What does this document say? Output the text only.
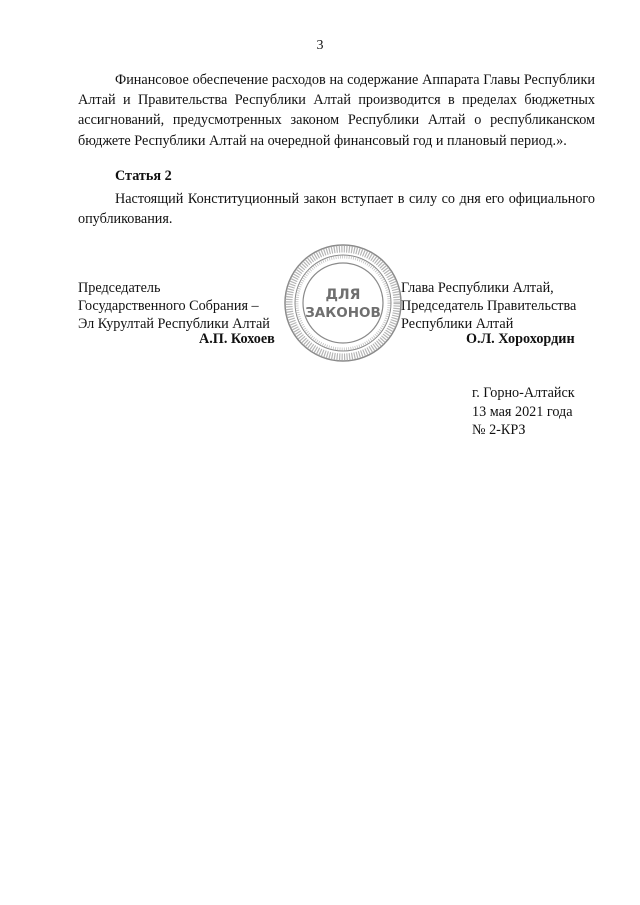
3
Финансовое обеспечение расходов на содержание Аппарата Главы Республики Алтай и Правительства Республики Алтай производится в пределах бюджетных ассигнований, предусмотренных законом Республики Алтай о республиканском бюджете Республики Алтай на очередной финансовый год и плановый период.».
Статья 2
Настоящий Конституционный закон вступает в силу со дня его официального опубликования.
Председатель
Государственного Собрания –
Эл Курултай Республики Алтай
А.П. Кохоев
ДЛЯ
ЗАКОНОВ
Глава Республики Алтай,
Председатель Правительства
Республики Алтай
О.Л. Хорохордин
г. Горно-Алтайск
13 мая 2021 года
№ 2-КРЗ
